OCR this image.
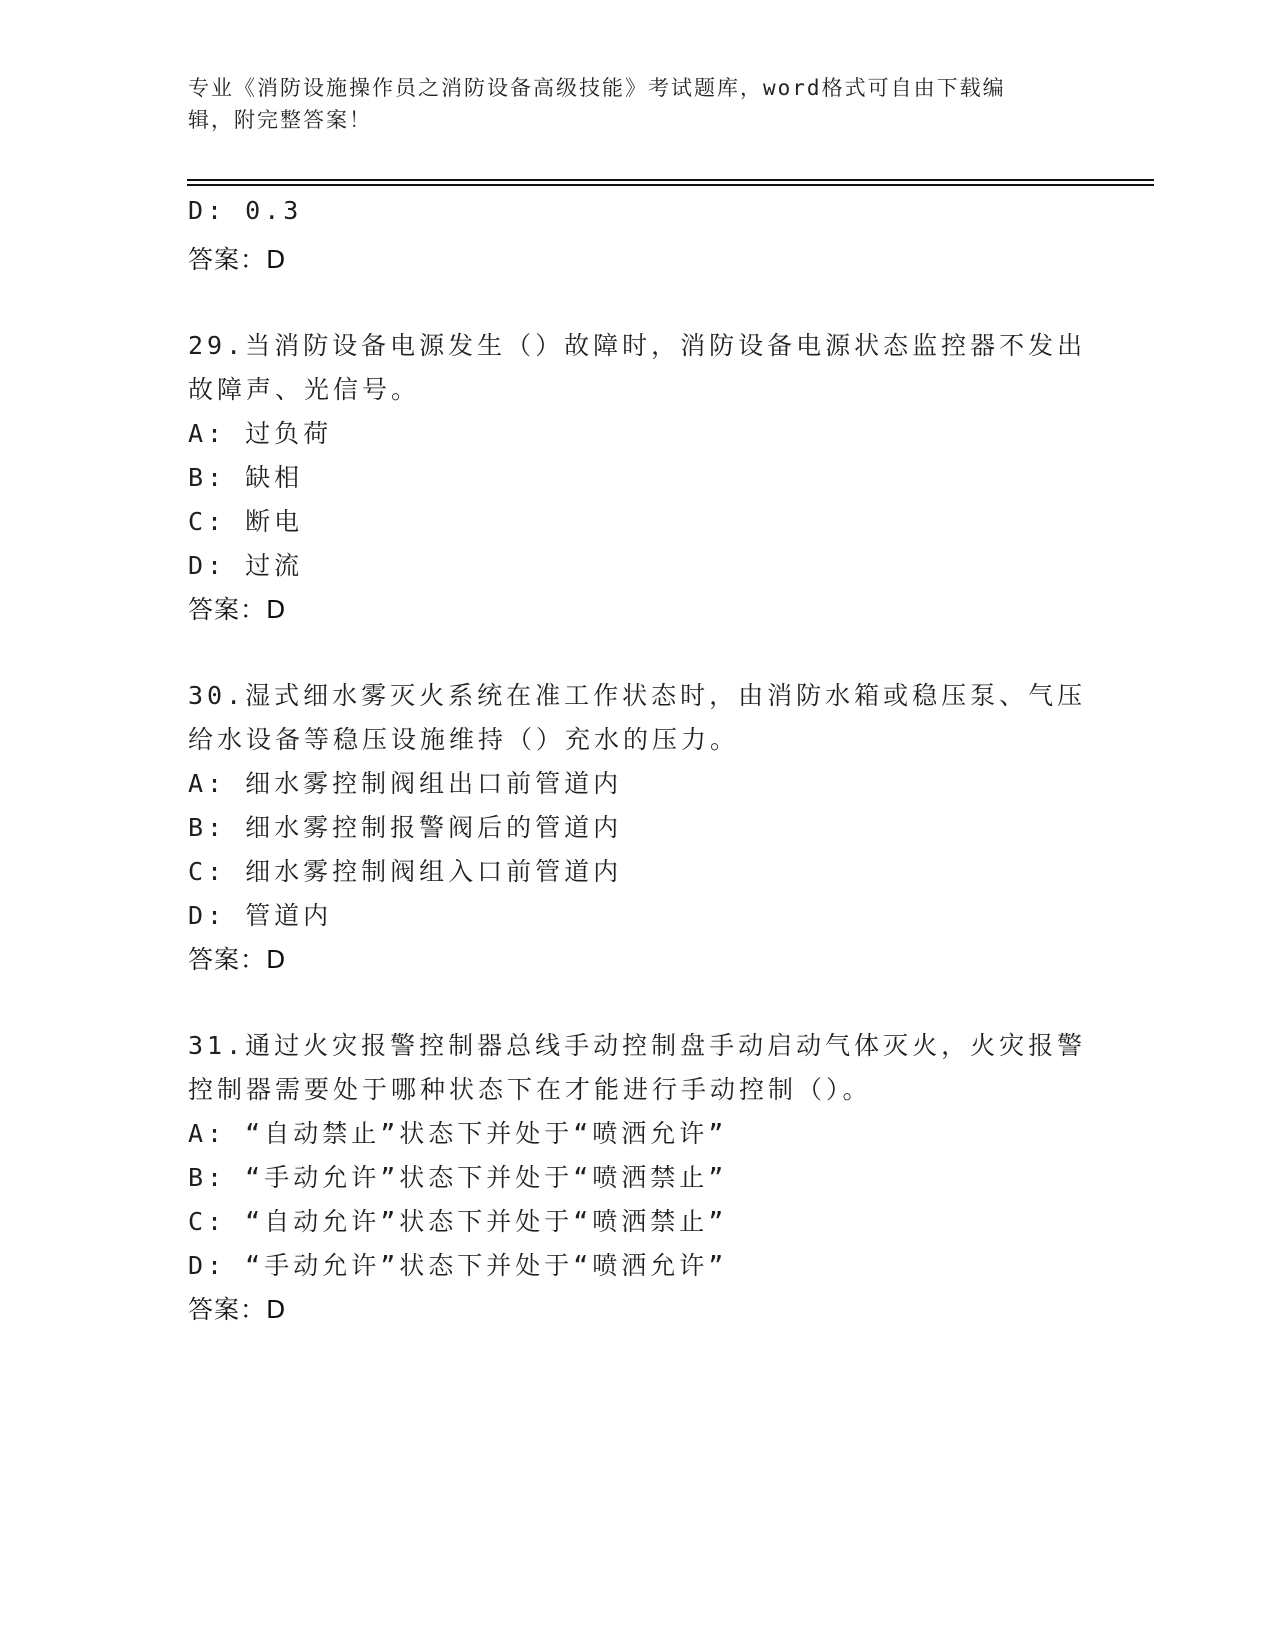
专业《消防设施操作员之消防设备高级技能》考试题库，word格式可自由下载编
辑，附完整答案！
D: 0.3
答案：D
29.当消防设备电源发生（）故障时，消防设备电源状态监控器不发出
故障声、光信号。
A: 过负荷
B: 缺相
C: 断电
D: 过流
答案：D
30.湿式细水雾灭火系统在准工作状态时，由消防水箱或稳压泵、气压
给水设备等稳压设施维持（）充水的压力。
A: 细水雾控制阀组出口前管道内
B: 细水雾控制报警阀后的管道内
C: 细水雾控制阀组入口前管道内
D: 管道内
答案：D
31.通过火灾报警控制器总线手动控制盘手动启动气体灭火，火灾报警
控制器需要处于哪种状态下在才能进行手动控制（）。
A: “自动禁止”状态下并处于“喷洒允许”
B: “手动允许”状态下并处于“喷洒禁止”
C: “自动允许”状态下并处于“喷洒禁止”
D: “手动允许”状态下并处于“喷洒允许”
答案：D
